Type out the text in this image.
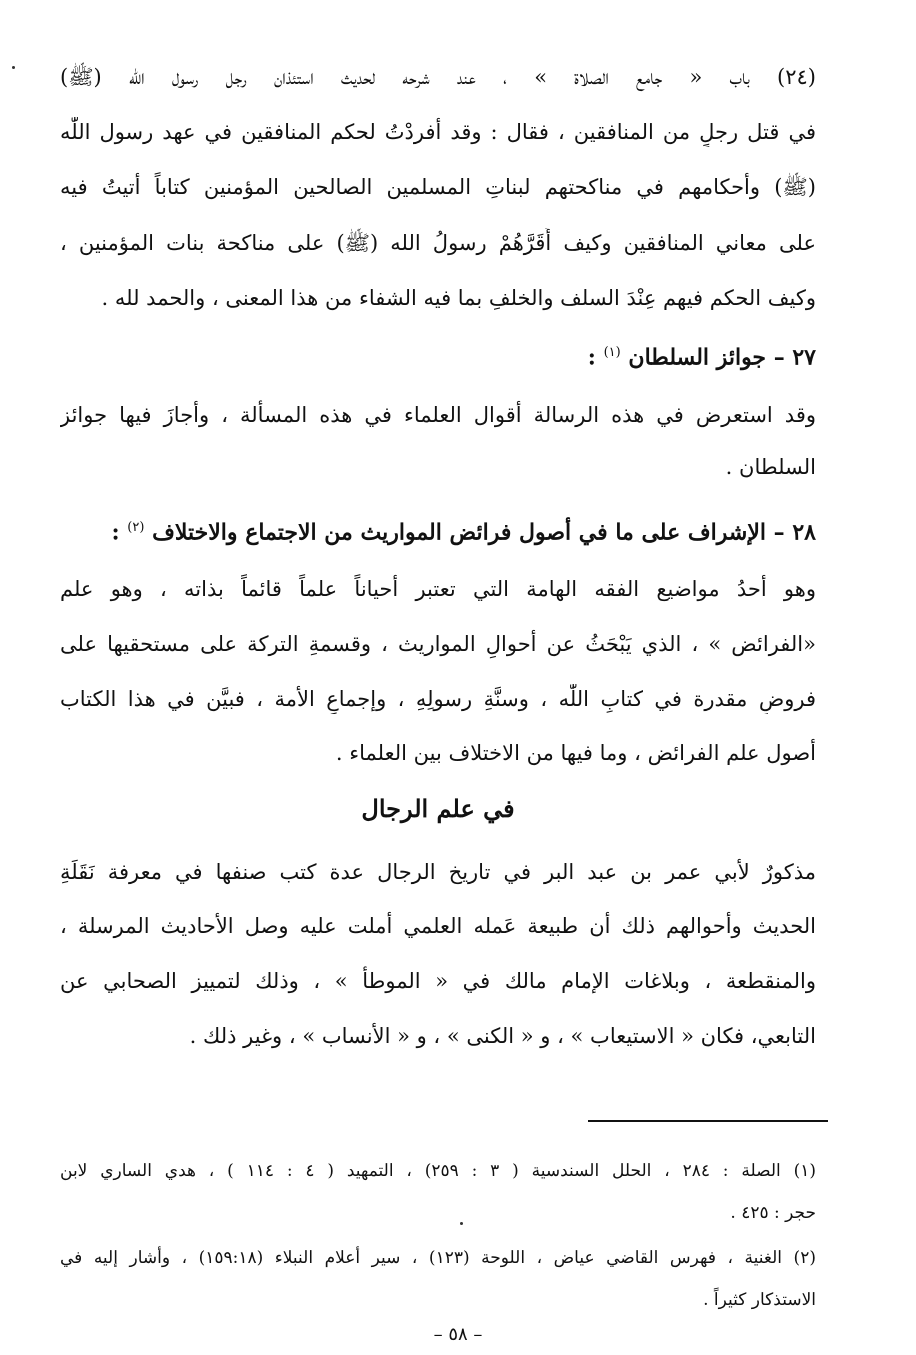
(٢٤) باب « جامع الصلاة » ، عند شرحه لحديث استئذان رجل رسول اللّٰه (ﷺ)
في قتل رجلٍ من المنافقين ، فقال : وقد أفردْتُ لحكم المنافقين في عهد رسول اللّٰه
(ﷺ) وأحكامهم في مناكحتهم لبناتِ المسلمين الصالحين المؤمنين كتاباً أتيتُ فيه
على معاني المنافقين وكيف أَقَرَّهُمْ رسولُ الله (ﷺ) على مناكحة بنات المؤمنين ،
وكيف الحكم فيهم عِنْدَ السلف والخلفِ بما فيه الشفاء من هذا المعنى ، والحمد لله .
٢٧ – جوائز السلطان $^{(١)}$ :
وقد استعرض في هذه الرسالة أقوال العلماء في هذه المسألة ، وأجازَ فيها جوائز
السلطان .
٢٨ – الإشراف على ما في أصول فرائض المواريث من الاجتماع والاختلاف $^{(٢)}$ :
وهو أحدُ مواضيع الفقه الهامة التي تعتبر أحياناً علماً قائماً بذاته ، وهو علم
«الفرائض » ، الذي يَبْحَثُ عن أحوالِ المواريث ، وقسمةِ التركة على مستحقيها على
فروضٍ مقدرة في كتابِ اللّٰه ، وسنَّةِ رسولِهِ ، وإجماعِ الأمة ، فبيَّن في هذا الكتاب
أصول علم الفرائض ، وما فيها من الاختلاف بين العلماء .
في علم الرجال
مذكورٌ لأبي عمر بن عبد البر في تاريخ الرجال عدة كتب صنفها في معرفة نَقَلَةِ
الحديث وأحوالهم ذلك أن طبيعة عَمله العلمي أملت عليه وصل الأحاديث المرسلة ،
والمنقطعة ، وبلاغات الإمام مالك في « الموطأ » ، وذلك لتمييز الصحابي عن
التابعي، فكان « الاستيعاب » ، و « الكنى » ، و « الأنساب » ، وغير ذلك .
(١) الصلة : ٢٨٤ ، الحلل السندسية ( ٣ : ٢٥٩) ، التمهيد ( ٤ : ١١٤ ) ، هدي الساري لابن
حجر : ٤٢٥ .
(٢) الغنية ، فهرس القاضي عياض ، اللوحة (١٢٣) ، سير أعلام النبلاء (١٥٩:١٨) ، وأشار إليه في
الاستذكار كثيراً .
– ٥٨ –
